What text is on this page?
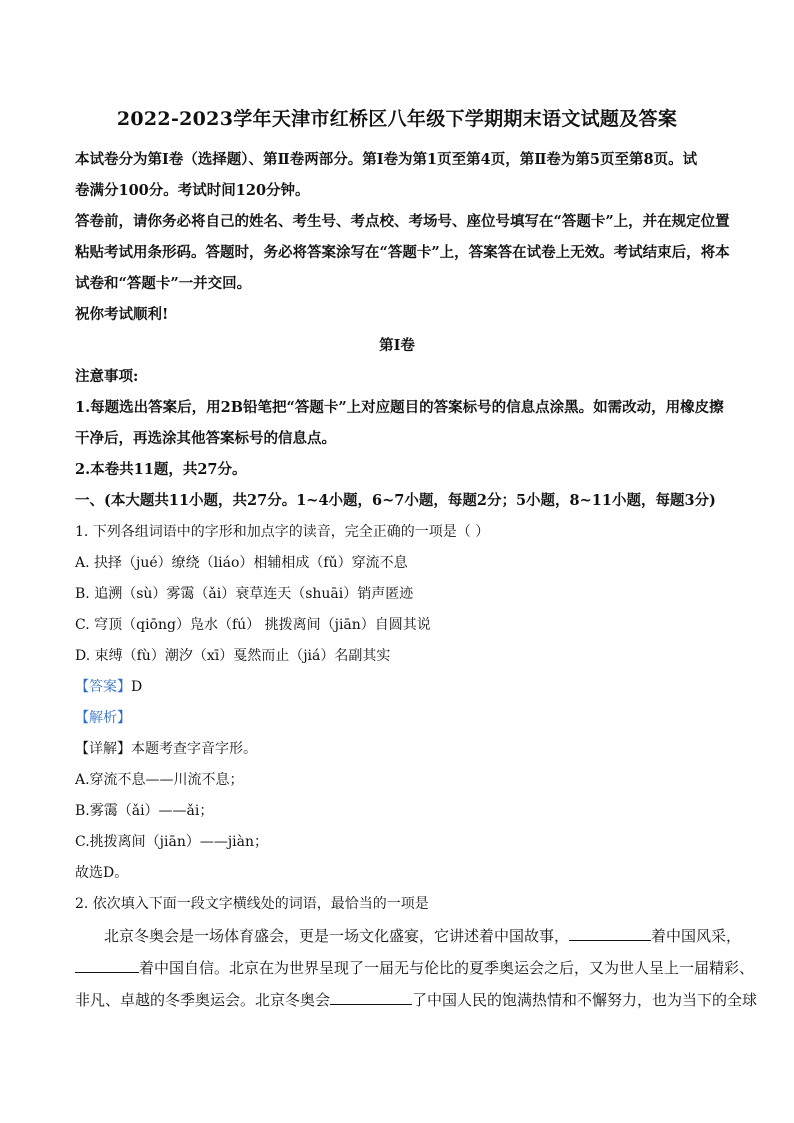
2022-2023学年天津市红桥区八年级下学期期末语文试题及答案
本试卷分为第Ⅰ卷（选择题）、第Ⅱ卷两部分。第Ⅰ卷为第1页至第4页，第Ⅱ卷为第5页至第8页。试
卷满分100分。考试时间120分钟。
答卷前，请你务必将自己的姓名、考生号、考点校、考场号、座位号填写在“答题卡”上，并在规定位置
粘贴考试用条形码。答题时，务必将答案涂写在“答题卡”上，答案答在试卷上无效。考试结束后，将本
试卷和“答题卡”一并交回。
祝你考试顺利!
第Ⅰ卷
注意事项:
1.每题选出答案后，用2B铅笔把“答题卡”上对应题目的答案标号的信息点涂黑。如需改动，用橡皮擦
干净后，再选涂其他答案标号的信息点。
2.本卷共11题，共27分。
一、(本大题共11小题，共27分。1~4小题，6~7小题，每题2分；5小题，8~11小题，每题3分)
1. 下列各组词语中的字形和加点字的读音，完全正确的一项是（ ）
A. 抉择（jué）缭绕（liáo）相辅相成（fǔ）穿流不息
B. 追溯（sù）雾霭（ǎi）衰草连天（shuāi）销声匿迹
C. 穹顶（qiōng）凫水（fú） 挑拨离间（jiān）自圆其说
D. 束缚（fù）潮汐（xī）戛然而止（jiá）名副其实
【答案】D
【解析】
【详解】本题考查字音字形。
A.穿流不息——川流不息；
B.雾霭（ǎi）——ǎi；
C.挑拨离间（jiān）——jiàn；
故选D。
2. 依次填入下面一段文字横线处的词语，最恰当的一项是
北京冬奥会是一场体育盛会，更是一场文化盛宴，它讲述着中国故事，	着中国风采，
着中国自信。北京在为世界呈现了一届无与伦比的夏季奥运会之后，又为世人呈上一届精彩、
非凡、卓越的冬季奥运会。北京冬奥会	了中国人民的饱满热情和不懈努力，也为当下的全球
